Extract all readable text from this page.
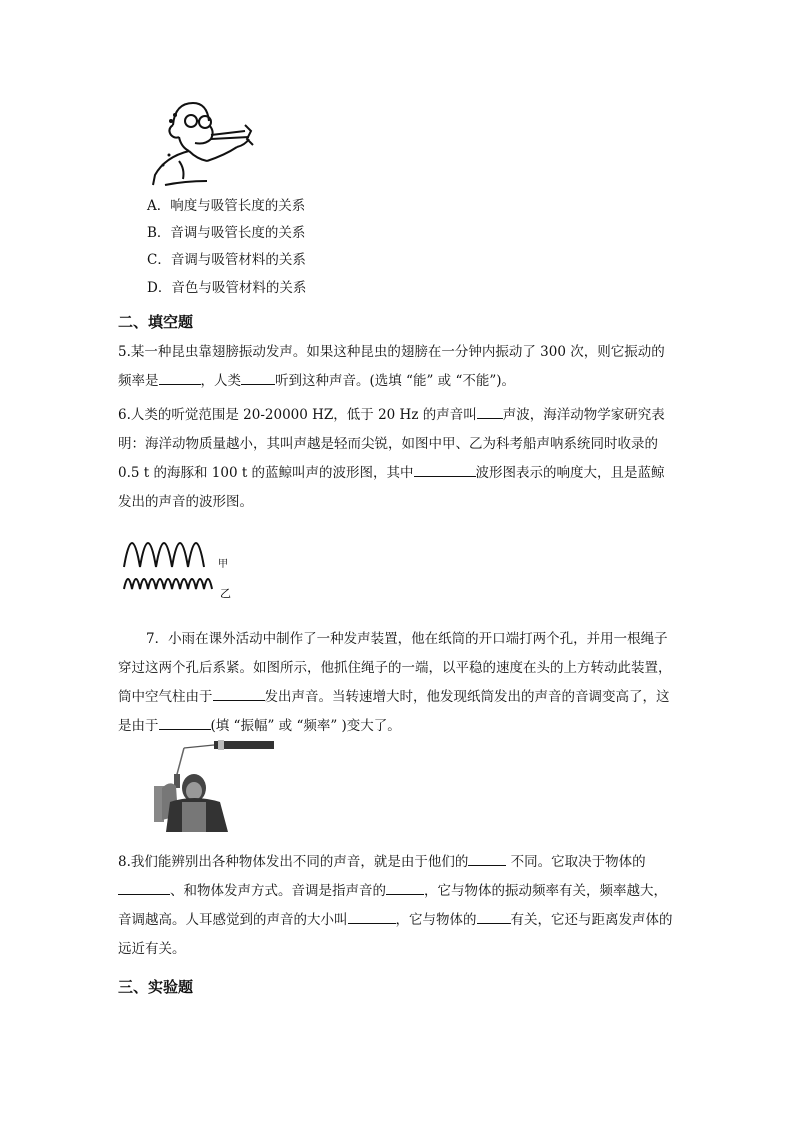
A．响度与吸管长度的关系
B．音调与吸管长度的关系
C．音调与吸管材料的关系
D．音色与吸管材料的关系
二、填空题
5.某一种昆虫靠翅膀振动发声。如果这种昆虫的翅膀在一分钟内振动了 300 次，则它振动的频率是	，人类	听到这种声音。(选填 “能” 或 “不能”)。
6.人类的听觉范围是 20-20000 HZ，低于 20 Hz 的声音叫 声波，海洋动物学家研究表明：海洋动物质量越小，其叫声越是轻而尖锐，如图中甲、乙为科考船声呐系统同时收录的 0.5 t 的海豚和 100 t 的蓝鲸叫声的波形图，其中	波形图表示的响度大，且是蓝鲸发出的声音的波形图。
甲
乙
7．小雨在课外活动中制作了一种发声装置，他在纸筒的开口端打两个孔，并用一根绳子穿过这两个孔后系紧。如图所示，他抓住绳子的一端，以平稳的速度在头的上方转动此装置，筒中空气柱由于	发出声音。当转速增大时，他发现纸筒发出的声音的音调变高了，这是由于	(填 “振幅” 或 “频率” )变大了。
8.我们能辨别出各种物体发出不同的声音，就是由于他们的	不同。它取决于物体的、和物体发声方式。音调是指声音的	，它与物体的振动频率有关，频率越大，音调越高。人耳感觉到的声音的大小叫	，它与物体的	有关，它还与距离发声体的远近有关。
三、实验题
